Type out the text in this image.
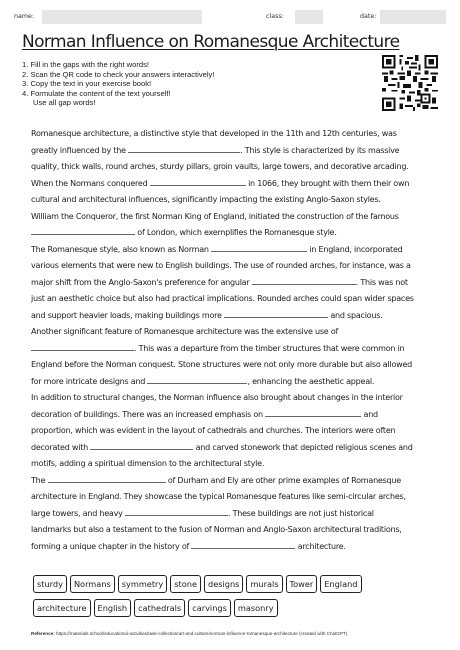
name:	class:	date:
Norman Influence on Romanesque Architecture
1. Fill in the gaps with the right words!
2. Scan the QR code to check your answers interactively!
3. Copy the text in your exercise book!
4. Formulate the content of the text yourself!
Use all gap words!
Romanesque architecture, a distinctive style that developed in the 11th and 12th centuries, was
greatly influenced by the	. This style is characterized by its massive
quality, thick walls, round arches, sturdy pillars, groin vaults, large towers, and decorative arcading.
When the Normans conquered	in 1066, they brought with them their own
cultural and architectural influences, significantly impacting the existing Anglo-Saxon styles.
William the Conqueror, the first Norman King of England, initiated the construction of the famous
of London, which exemplifies the Romanesque style.
The Romanesque style, also known as Norman	in England, incorporated
various elements that were new to English buildings. The use of rounded arches, for instance, was a
major shift from the Anglo-Saxon's preference for angular	. This was not
just an aesthetic choice but also had practical implications. Rounded arches could span wider spaces
and support heavier loads, making buildings more	and spacious.
Another significant feature of Romanesque architecture was the extensive use of
. This was a departure from the timber structures that were common in
England before the Norman conquest. Stone structures were not only more durable but also allowed
for more intricate designs and	, enhancing the aesthetic appeal.
In addition to structural changes, the Norman influence also brought about changes in the interior
decoration of buildings. There was an increased emphasis on	and
proportion, which was evident in the layout of cathedrals and churches. The interiors were often
decorated with	and carved stonework that depicted religious scenes and
motifs, adding a spiritual dimension to the architectural style.
The	of Durham and Ely are other prime examples of Romanesque
architecture in England. They showcase the typical Romanesque features like semi-circular arches,
large towers, and heavy	. These buildings are not just historical
landmarks but also a testament to the fusion of Norman and Anglo-Saxon architectural traditions,
forming a unique chapter in the history of	architecture.
sturdy Normans symmetry stone designs murals Tower England
architecture English cathedrals carvings masonry
Reference: https://materials.school/educational-activities/task-collection/art-and-culture/norman-influence-romanesque-architecture (created with ChatGPT)
